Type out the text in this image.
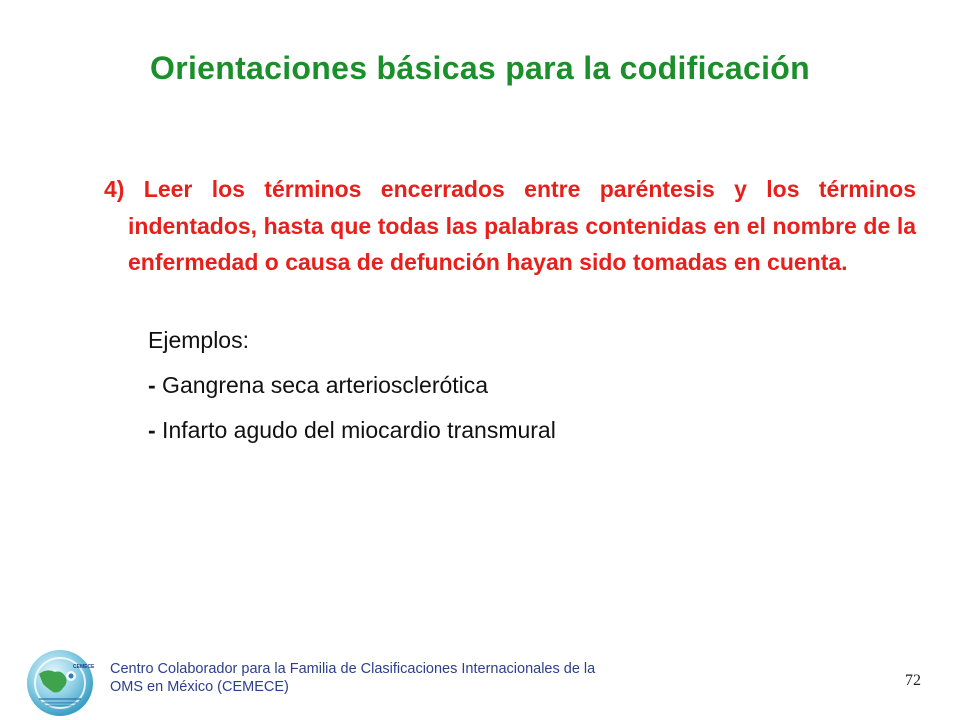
Orientaciones básicas para la codificación
4) Leer los términos encerrados entre paréntesis y los términos indentados, hasta que todas las palabras contenidas en el nombre de la enfermedad o causa de defunción hayan sido tomadas en cuenta.
Ejemplos:
- Gangrena seca arteriosclerótica
- Infarto agudo del miocardio transmural
CEMECE Centro Colaborador para la Familia de Clasificaciones Internacionales de la
OMS en México (CEMECE)	72
